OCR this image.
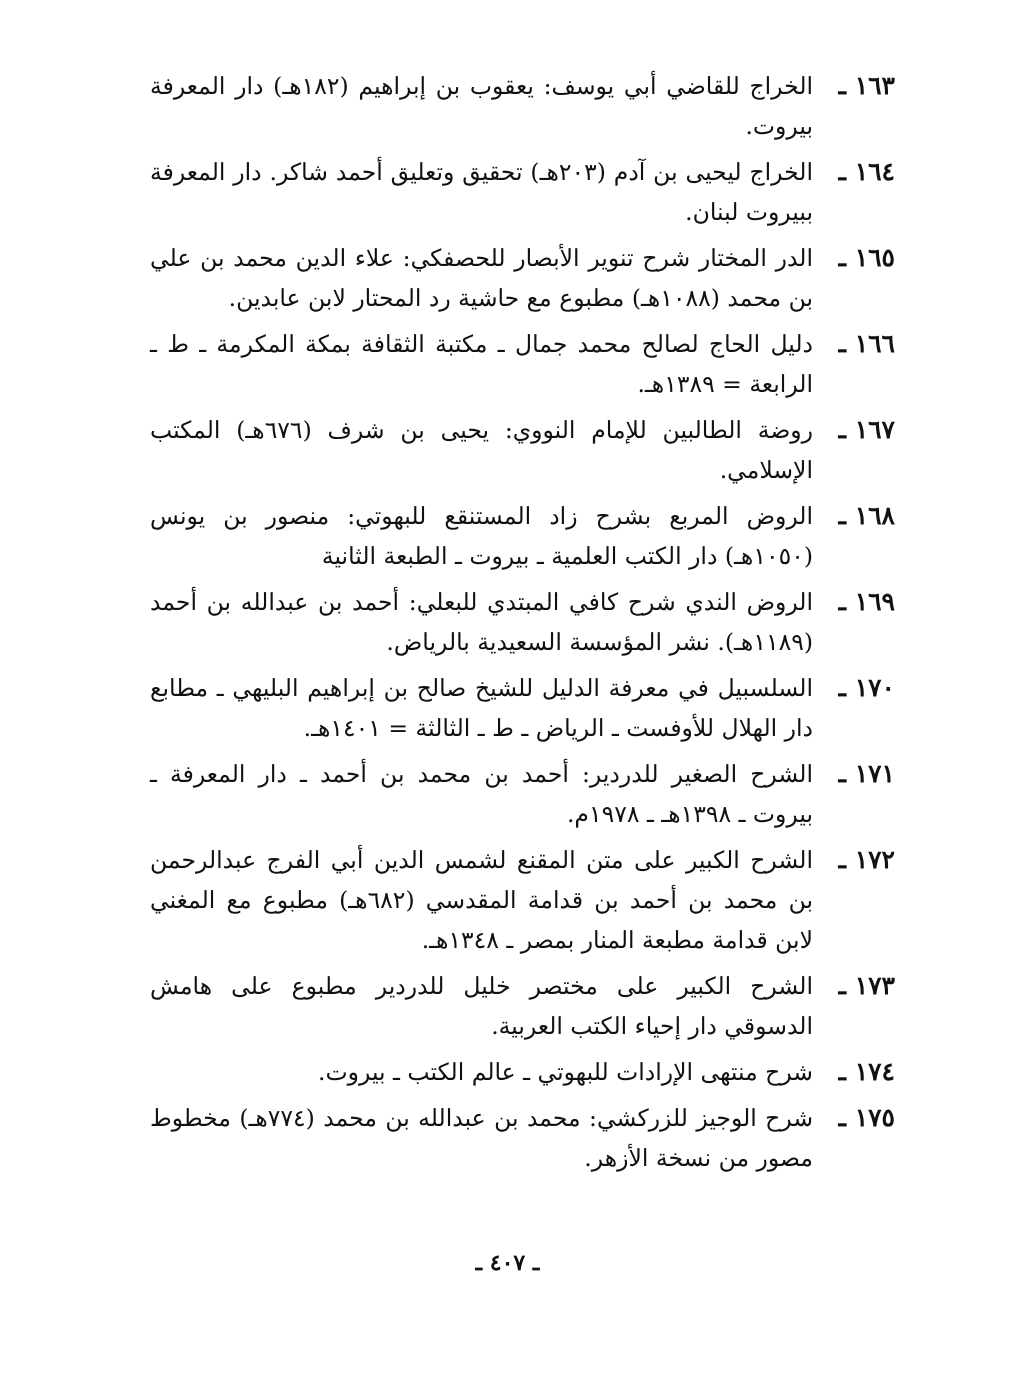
١٦٣ ـ
الخراج للقاضي أبي يوسف: يعقوب بن إبراهيم (١٨٢هـ) دار المعرفة بيروت.
١٦٤ ـ
الخراج ليحيى بن آدم (٢٠٣هـ) تحقيق وتعليق أحمد شاكر. دار المعرفة ببيروت لبنان.
١٦٥ ـ
الدر المختار شرح تنوير الأبصار للحصفكي: علاء الدين محمد بن علي بن محمد (١٠٨٨هـ) مطبوع مع حاشية رد المحتار لابن عابدين.
١٦٦ ـ
دليل الحاج لصالح محمد جمال ـ مكتبة الثقافة بمكة المكرمة ـ ط ـ الرابعة = ١٣٨٩هـ.
١٦٧ ـ
روضة الطالبين للإمام النووي: يحيى بن شرف (٦٧٦هـ) المكتب الإسلامي.
١٦٨ ـ
الروض المربع بشرح زاد المستنقع للبهوتي: منصور بن يونس (١٠٥٠هـ) دار الكتب العلمية ـ بيروت ـ الطبعة الثانية
١٦٩ ـ
الروض الندي شرح كافي المبتدي للبعلي: أحمد بن عبدالله بن أحمد (١١٨٩هـ). نشر المؤسسة السعيدية بالرياض.
١٧٠ ـ
السلسبيل في معرفة الدليل للشيخ صالح بن إبراهيم البليهي ـ مطابع دار الهلال للأوفست ـ الرياض ـ ط ـ الثالثة = ١٤٠١هـ.
١٧١ ـ
الشرح الصغير للدردير: أحمد بن محمد بن أحمد ـ دار المعرفة ـ بيروت ـ ١٣٩٨هـ ـ ١٩٧٨م.
١٧٢ ـ
الشرح الكبير على متن المقنع لشمس الدين أبي الفرج عبدالرحمن بن محمد بن أحمد بن قدامة المقدسي (٦٨٢هـ) مطبوع مع المغني لابن قدامة مطبعة المنار بمصر ـ ١٣٤٨هـ.
١٧٣ ـ
الشرح الكبير على مختصر خليل للدردير مطبوع على هامش الدسوقي دار إحياء الكتب العربية.
١٧٤ ـ
شرح منتهى الإرادات للبهوتي ـ عالم الكتب ـ بيروت.
١٧٥ ـ
شرح الوجيز للزركشي: محمد بن عبدالله بن محمد (٧٧٤هـ) مخطوط مصور من نسخة الأزهر.
ـ ٤٠٧ ـ
